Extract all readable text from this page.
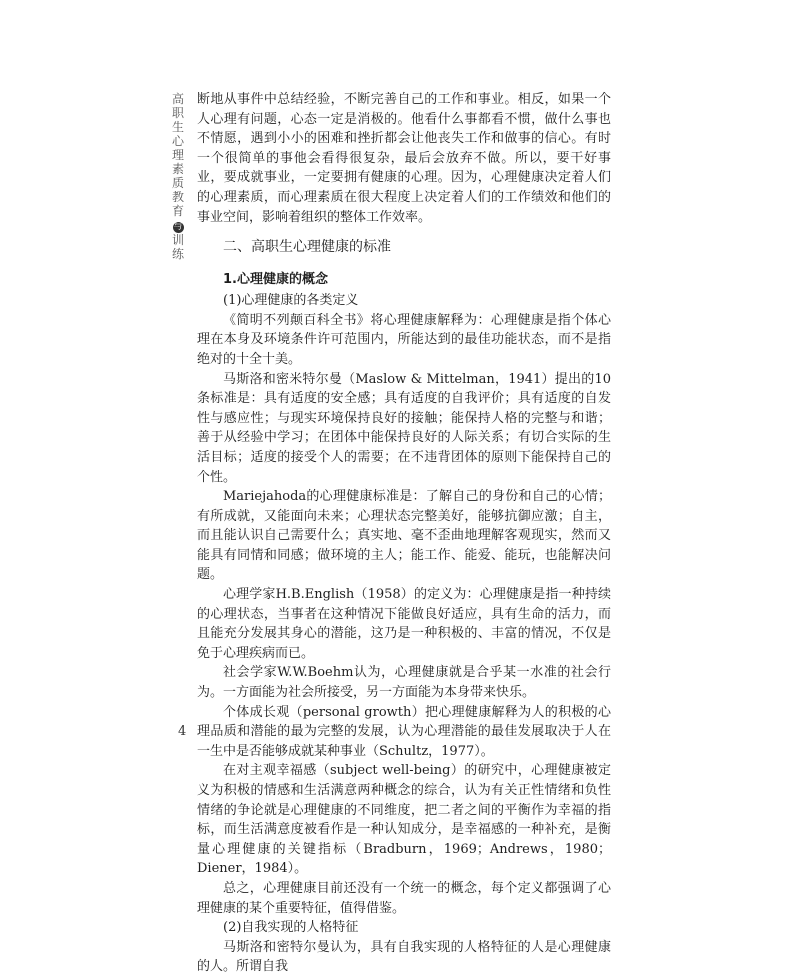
高职生心理素质教育与训练
4

断地从事件中总结经验，不断完善自己的工作和事业。相反，如果一个人心理有问题，心态一定是消极的。他看什么事都看不惯，做什么事也不情愿，遇到小小的困难和挫折都会让他丧失工作和做事的信心。有时一个很简单的事他会看得很复杂，最后会放弃不做。所以，要干好事业，要成就事业，一定要拥有健康的心理。因为，心理健康决定着人们的心理素质，而心理素质在很大程度上决定着人们的工作绩效和他们的事业空间，影响着组织的整体工作效率。

二、高职生心理健康的标准
1.心理健康的概念

(1)心理健康的各类定义

《简明不列颠百科全书》将心理健康解释为：心理健康是指个体心理在本身及环境条件许可范围内，所能达到的最佳功能状态，而不是指绝对的十全十美。

马斯洛和密米特尔曼（Maslow & Mittelman，1941）提出的10条标准是：具有适度的安全感；具有适度的自我评价；具有适度的自发性与感应性；与现实环境保持良好的接触；能保持人格的完整与和谐；善于从经验中学习；在团体中能保持良好的人际关系；有切合实际的生活目标；适度的接受个人的需要；在不违背团体的原则下能保持自己的个性。

Mariejahoda的心理健康标准是：了解自己的身份和自己的心情；有所成就，又能面向未来；心理状态完整美好，能够抗御应激；自主，而且能认识自己需要什么；真实地、毫不歪曲地理解客观现实，然而又能具有同情和同感；做环境的主人；能工作、能爱、能玩，也能解决问题。

心理学家H.B.English（1958）的定义为：心理健康是指一种持续的心理状态，当事者在这种情况下能做良好适应，具有生命的活力，而且能充分发展其身心的潜能，这乃是一种积极的、丰富的情况，不仅是免于心理疾病而已。

社会学家W.W.Boehm认为，心理健康就是合乎某一水准的社会行为。一方面能为社会所接受，另一方面能为本身带来快乐。

个体成长观（personal growth）把心理健康解释为人的积极的心理品质和潜能的最为完整的发展，认为心理潜能的最佳发展取决于人在一生中是否能够成就某种事业（Schultz，1977）。

在对主观幸福感（subject well-being）的研究中，心理健康被定义为积极的情感和生活满意两种概念的综合，认为有关正性情绪和负性情绪的争论就是心理健康的不同维度，把二者之间的平衡作为幸福的指标，而生活满意度被看作是一种认知成分，是幸福感的一种补充，是衡量心理健康的关键指标（Bradburn，1969；Andrews，1980；Diener，1984）。

总之，心理健康目前还没有一个统一的概念，每个定义都强调了心理健康的某个重要特征，值得借鉴。

(2)自我实现的人格特征

马斯洛和密特尔曼认为，具有自我实现的人格特征的人是心理健康的人。所谓自我
